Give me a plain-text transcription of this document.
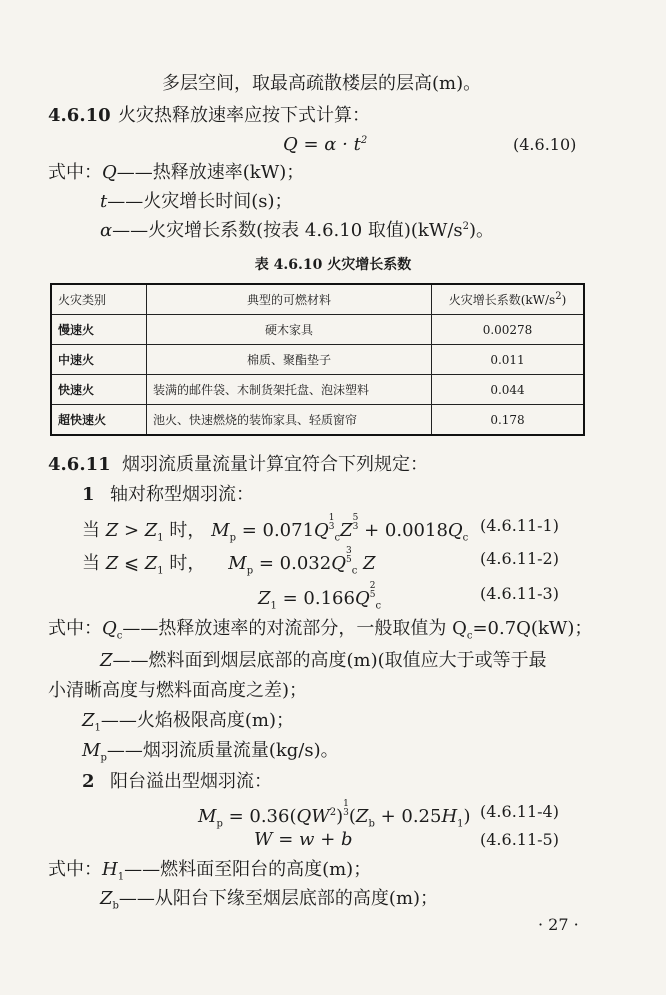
多层空间，取最高疏散楼层的层高(m)。
4.6.10 火灾热释放速率应按下式计算：
$Q = \alpha \cdot t^2$	(4.6.10)
式中：Q——热释放速率(kW)；
t——火灾增长时间(s)；
α——火灾增长系数(按表 4.6.10 取值)$(kW/s^2)$。
表 4.6.10 火灾增长系数
火灾类别	典型的可燃材料	火灾增长系数$(kW/s^2)$
慢速火	硬木家具	0.00278
中速火	棉质、聚酯垫子	0.011
快速火	装满的邮件袋、木制货架托盘、泡沫塑料	0.044
超快速火	池火、快速燃烧的装饰家具、轻质窗帘	0.178
4.6.11 烟羽流质量流量计算宜符合下列规定：
1 轴对称型烟羽流：
当 $Z > Z_1$ 时， $M_p = 0.071Q$
1
3
$_c$Z
5
$3 + 0.0018Q_c$
(4.6.11-1)
当 Z ⩽ $Z_1$ 时，    $M_p = 0.032Q$
3
5
$_c$ Z	(4.6.11-2)
$Z_1 = 0.166Q$
2
5
$_c$
(4.6.11-3)
式中：$Q_c——$热释放速率的对流部分，一般取值为 $Q_c=0.7Q(kW)$；
Z——燃料面到烟层底部的高度(m)(取值应大于或等于最
小清晰高度与燃料面高度之差)；
$Z_1——$火焰极限高度(m)；
$M_p——$烟羽流质量流量(kg/s)。
2 阳台溢出型烟羽流：
$M_p = 0.36(QW^2)$
1
3 $(Z_b + 0.25H_1)$ (4.6.11-4)
W = w + b	(4.6.11-5)
式中：$H_1——$燃料面至阳台的高度(m)；
$Z_b——$从阳台下缘至烟层底部的高度(m)；
· 27 ·
